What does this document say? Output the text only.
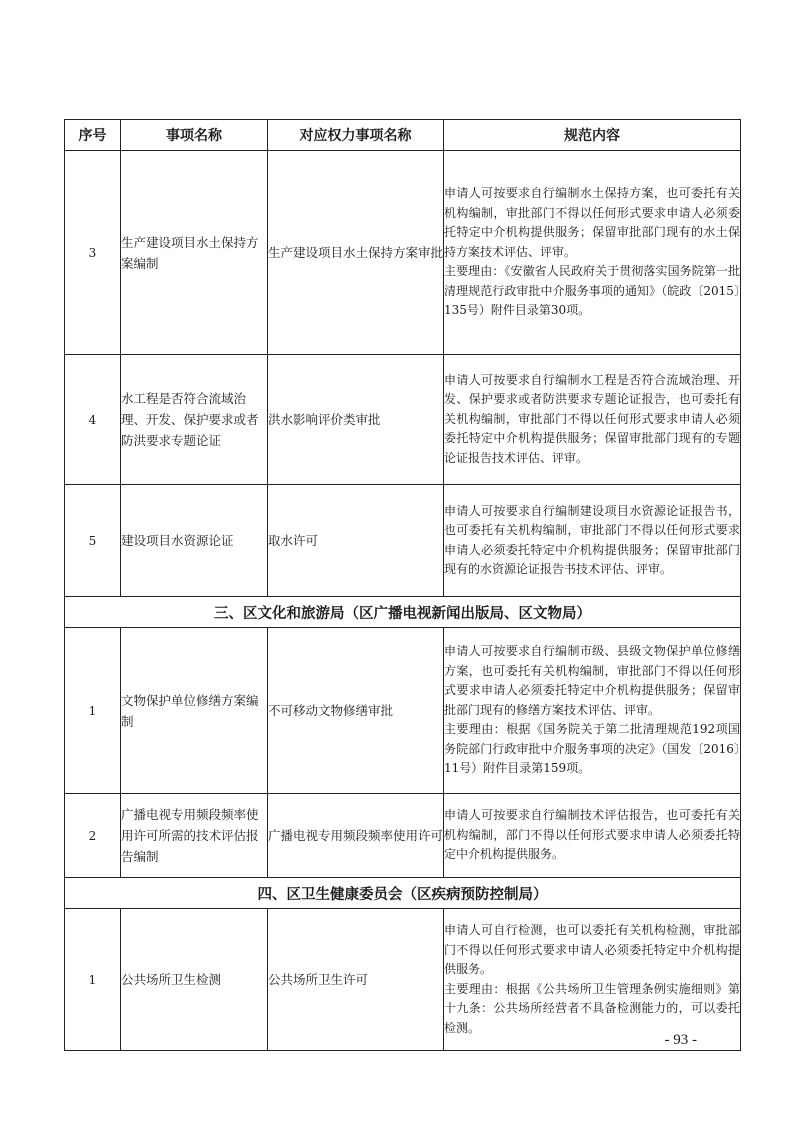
序号	事项名称	对应权力事项名称	规范内容
3	生产建设项目水土保持方案编制	生产建设项目水土保持方案审批	申请人可按要求自行编制水土保持方案，也可委托有关机构编制，审批部门不得以任何形式要求申请人必须委托特定中介机构提供服务；保留审批部门现有的水土保持方案技术评估、评审。
主要理由：《安徽省人民政府关于贯彻落实国务院第一批清理规范行政审批中介服务事项的通知》（皖政〔2015〕135号）附件目录第30项。

4	水工程是否符合流域治理、开发、保护要求或者防洪要求专题论证	洪水影响评价类审批	申请人可按要求自行编制水工程是否符合流域治理、开发、保护要求或者防洪要求专题论证报告，也可委托有关机构编制，审批部门不得以任何形式要求申请人必须委托特定中介机构提供服务；保留审批部门现有的专题论证报告技术评估、评审。

5	建设项目水资源论证	取水许可	申请人可按要求自行编制建设项目水资源论证报告书，也可委托有关机构编制，审批部门不得以任何形式要求申请人必须委托特定中介机构提供服务；保留审批部门现有的水资源论证报告书技术评估、评审。

三、区文化和旅游局（区广播电视新闻出版局、区文物局）			
1	文物保护单位修缮方案编制	不可移动文物修缮审批	申请人可按要求自行编制市级、县级文物保护单位修缮方案，也可委托有关机构编制，审批部门不得以任何形式要求申请人必须委托特定中介机构提供服务；保留审批部门现有的修缮方案技术评估、评审。
主要理由：根据《国务院关于第二批清理规范192项国务院部门行政审批中介服务事项的决定》（国发〔2016〕11号）附件目录第159项。

2	广播电视专用频段频率使用许可所需的技术评估报告编制	广播电视专用频段频率使用许可	申请人可按要求自行编制技术评估报告，也可委托有关机构编制，部门不得以任何形式要求申请人必须委托特定中介机构提供服务。

四、区卫生健康委员会（区疾病预防控制局）			
1	公共场所卫生检测	公共场所卫生许可	申请人可自行检测，也可以委托有关机构检测，审批部门不得以任何形式要求申请人必须委托特定中介机构提供服务。
主要理由：根据《公共场所卫生管理条例实施细则》第十九条：公共场所经营者不具备检测能力的，可以委托检测。
- 93 -
